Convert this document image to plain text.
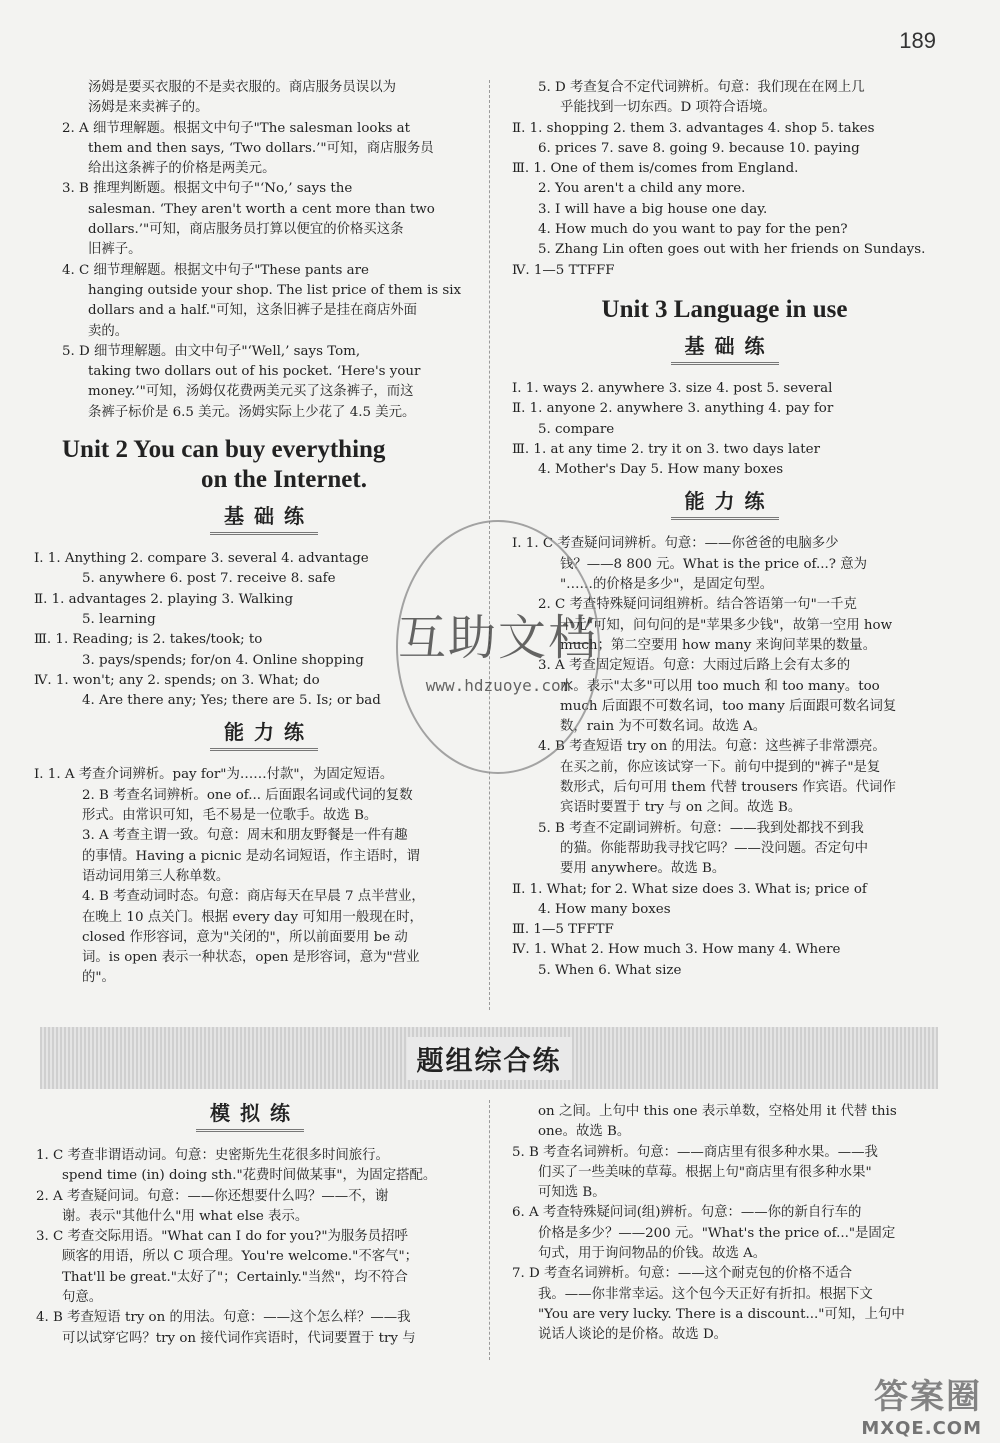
189
汤姆是要买衣服的不是卖衣服的。商店服务员误以为
汤姆是来卖裤子的。
2. A 细节理解题。根据文中句子"The salesman looks at
them and then says, ‘Two dollars.’"可知，商店服务员
给出这条裤子的价格是两美元。
3. B 推理判断题。根据文中句子"‘No,’ says the
salesman. ‘They aren't worth a cent more than two
dollars.’"可知，商店服务员打算以便宜的价格买这条
旧裤子。
4. C 细节理解题。根据文中句子"These pants are
hanging outside your shop. The list price of them is six
dollars and a half."可知，这条旧裤子是挂在商店外面
卖的。
5. D 细节理解题。由文中句子"‘Well,’ says Tom,
taking two dollars out of his pocket. ‘Here's your
money.’"可知，汤姆仅花费两美元买了这条裤子，而这
条裤子标价是 6.5 美元。汤姆实际上少花了 4.5 美元。
Unit 2 You can buy everything
on the Internet.
基础练
Ⅰ. 1. Anything 2. compare 3. several 4. advantage
5. anywhere 6. post 7. receive 8. safe
Ⅱ. 1. advantages 2. playing 3. Walking
5. learning
Ⅲ. 1. Reading; is 2. takes/took; to
3. pays/spends; for/on 4. Online shopping
Ⅳ. 1. won't; any 2. spends; on 3. What; do
4. Are there any; Yes; there are 5. Is; or bad
能力练
Ⅰ. 1. A 考查介词辨析。pay for"为……付款"，为固定短语。
2. B 考查名词辨析。one of... 后面跟名词或代词的复数
形式。由常识可知，毛不易是一位歌手。故选 B。
3. A 考查主谓一致。句意：周末和朋友野餐是一件有趣
的事情。Having a picnic 是动名词短语，作主语时，谓
语动词用第三人称单数。
4. B 考查动词时态。句意：商店每天在早晨 7 点半营业，
在晚上 10 点关门。根据 every day 可知用一般现在时，
closed 作形容词，意为"关闭的"，所以前面要用 be 动
词。is open 表示一种状态，open 是形容词，意为"营业
的"。
5. D 考查复合不定代词辨析。句意：我们现在在网上几
乎能找到一切东西。D 项符合语境。
Ⅱ. 1. shopping 2. them 3. advantages 4. shop 5. takes
6. prices 7. save 8. going 9. because 10. paying
Ⅲ. 1. One of them is/comes from England.
2. You aren't a child any more.
3. I will have a big house one day.
4. How much do you want to pay for the pen?
5. Zhang Lin often goes out with her friends on Sundays.
Ⅳ. 1—5 TTFFF
Unit 3 Language in use
基础练
Ⅰ. 1. ways 2. anywhere 3. size 4. post 5. several
Ⅱ. 1. anyone 2. anywhere 3. anything 4. pay for
5. compare
Ⅲ. 1. at any time 2. try it on 3. two days later
4. Mother's Day 5. How many boxes
能力练
Ⅰ. 1. C 考查疑问词辨析。句意：——你爸爸的电脑多少
钱？——8 800 元。What is the price of...? 意为
"……的价格是多少"，是固定句型。
2. C 考查特殊疑问词组辨析。结合答语第一句"一千克
十元"可知，问句问的是"苹果多少钱"，故第一空用 how
much；第二空要用 how many 来询问苹果的数量。
3. A 考查固定短语。句意：大雨过后路上会有太多的
水。表示"太多"可以用 too much 和 too many。too
much 后面跟不可数名词，too many 后面跟可数名词复
数，rain 为不可数名词。故选 A。
4. B 考查短语 try on 的用法。句意：这些裤子非常漂亮。
在买之前，你应该试穿一下。前句中提到的"裤子"是复
数形式，后句可用 them 代替 trousers 作宾语。代词作
宾语时要置于 try 与 on 之间。故选 B。
5. B 考查不定副词辨析。句意：——我到处都找不到我
的猫。你能帮助我寻找它吗？——没问题。否定句中
要用 anywhere。故选 B。
Ⅱ. 1. What; for 2. What size does 3. What is; price of
4. How many boxes
Ⅲ. 1—5 TFFTF
Ⅳ. 1. What 2. How much 3. How many 4. Where
5. When 6. What size
题组综合练
模拟练
1. C 考查非谓语动词。句意：史密斯先生花很多时间旅行。
spend time (in) doing sth."花费时间做某事"，为固定搭配。
2. A 考查疑问词。句意：——你还想要什么吗？——不，谢
谢。表示"其他什么"用 what else 表示。
3. C 考查交际用语。"What can I do for you?"为服务员招呼
顾客的用语，所以 C 项合理。You're welcome."不客气"；
That'll be great."太好了"；Certainly."当然"，均不符合
句意。
4. B 考查短语 try on 的用法。句意：——这个怎么样？——我
可以试穿它吗？try on 接代词作宾语时，代词要置于 try 与
on 之间。上句中 this one 表示单数，空格处用 it 代替 this
one。故选 B。
5. B 考查名词辨析。句意：——商店里有很多种水果。——我
们买了一些美味的草莓。根据上句"商店里有很多种水果"
可知选 B。
6. A 考查特殊疑问词(组)辨析。句意：——你的新自行车的
价格是多少？——200 元。"What's the price of..."是固定
句式，用于询问物品的价钱。故选 A。
7. D 考查名词辨析。句意：——这个耐克包的价格不适合
我。——你非常幸运。这个包今天正好有折扣。根据下文
"You are very lucky. There is a discount..."可知，上句中
说话人谈论的是价格。故选 D。
互助文档
www.hdzuoye.com
答案圈
MXQE.COM
